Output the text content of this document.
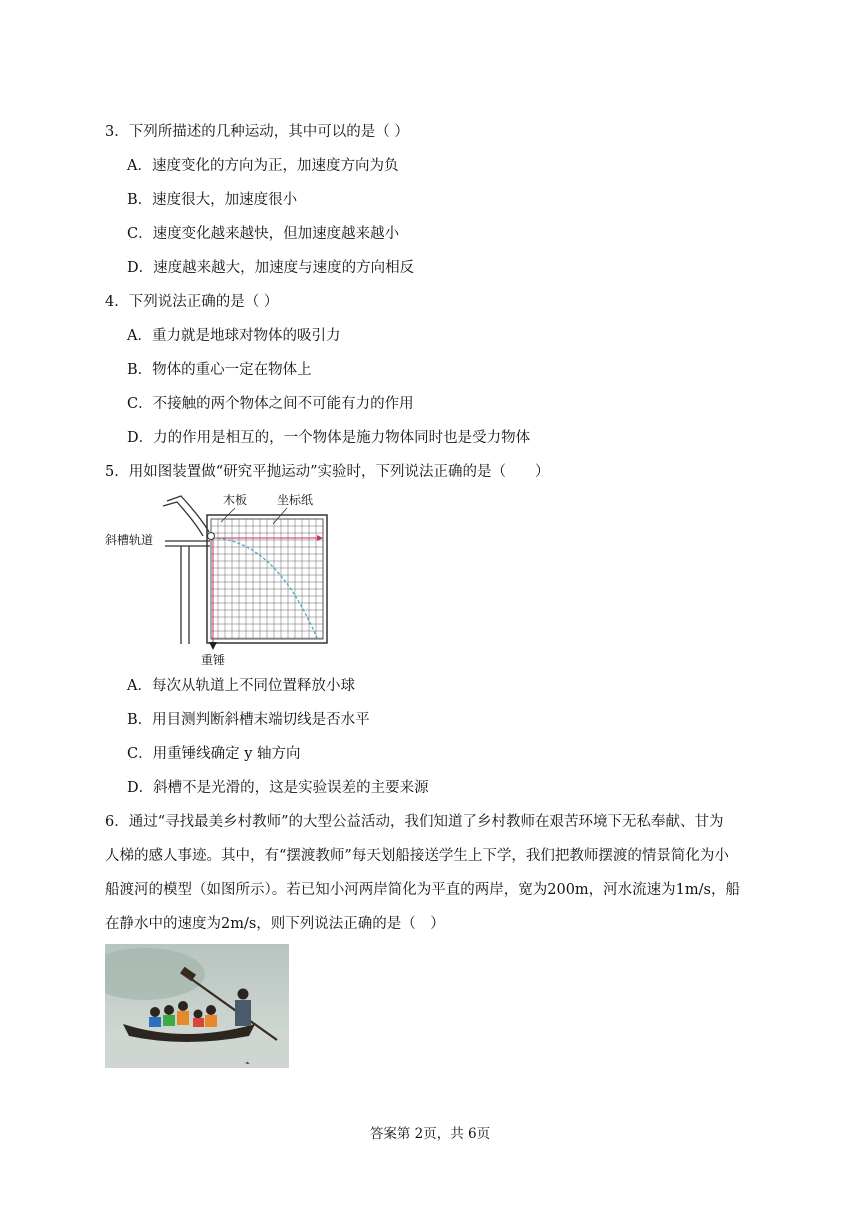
3．下列所描述的几种运动，其中可以的是（ ）
A．速度变化的方向为正，加速度方向为负
B．速度很大，加速度很小
C．速度变化越来越快，但加速度越来越小
D．速度越来越大，加速度与速度的方向相反
4．下列说法正确的是（ ）
A．重力就是地球对物体的吸引力
B．物体的重心一定在物体上
C．不接触的两个物体之间不可能有力的作用
D．力的作用是相互的，一个物体是施力物体同时也是受力物体
5．用如图装置做“研究平抛运动”实验时，下列说法正确的是（　　）
木板 坐标纸
斜槽轨道
重锤
A．每次从轨道上不同位置释放小球
B．用目测判断斜槽末端切线是否水平
C．用重锤线确定 y 轴方向
D．斜槽不是光滑的，这是实验误差的主要来源
6．通过“寻找最美乡村教师”的大型公益活动，我们知道了乡村教师在艰苦环境下无私奉献、甘为
人梯的感人事迹。其中，有“摆渡教师”每天划船接送学生上下学，我们把教师摆渡的情景简化为小
船渡河的模型（如图所示）。若已知小河两岸简化为平直的两岸，宽为200m，河水流速为1m/s，船
在静水中的速度为2m/s，则下列说法正确的是（　）
❧
答案第 2页，共 6页
